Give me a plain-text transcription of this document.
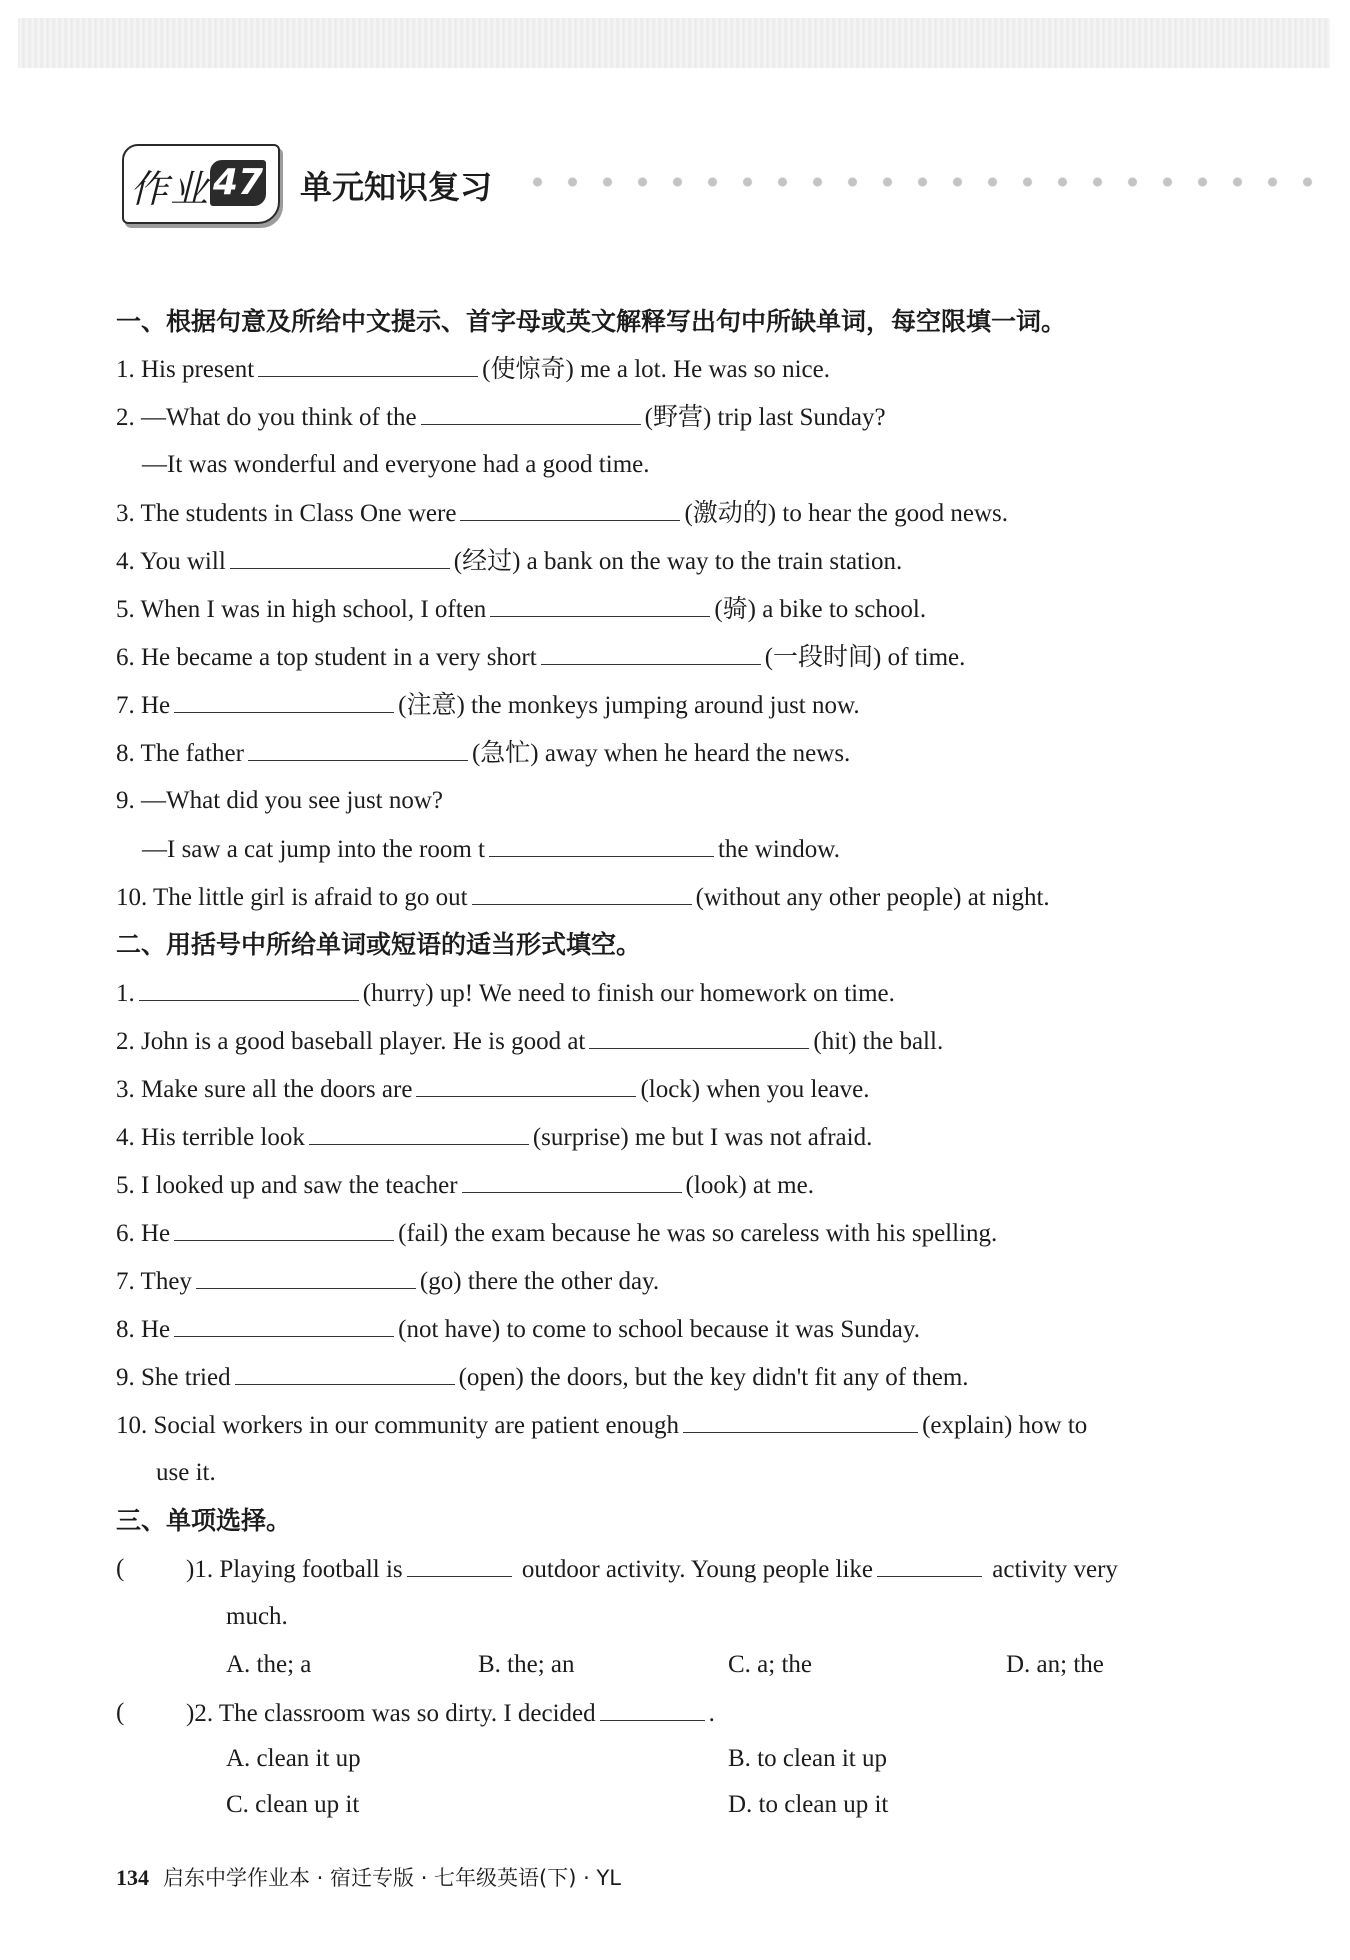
作业 47 单元知识复习
一、根据句意及所给中文提示、首字母或英文解释写出句中所缺单词，每空限填一词。
1. His present	(使惊奇) me a lot. He was so nice.
2. —What do you think of the	(野营) trip last Sunday?
—It was wonderful and everyone had a good time.
3. The students in Class One were	(激动的) to hear the good news.
4. You will	(经过) a bank on the way to the train station.
5. When I was in high school, I often	(骑) a bike to school.
6. He became a top student in a very short	(一段时间) of time.
7. He	(注意) the monkeys jumping around just now.
8. The father	(急忙) away when he heard the news.
9. —What did you see just now?
—I saw a cat jump into the room t	the window.
10. The little girl is afraid to go out	(without any other people) at night.
二、用括号中所给单词或短语的适当形式填空。
1.	(hurry) up! We need to finish our homework on time.
2. John is a good baseball player. He is good at	(hit) the ball.
3. Make sure all the doors are	(lock) when you leave.
4. His terrible look	(surprise) me but I was not afraid.
5. I looked up and saw the teacher	(look) at me.
6. He	(fail) the exam because he was so careless with his spelling.
7. They	(go) there the other day.
8. He	(not have) to come to school because it was Sunday.
9. She tried	(open) the doors, but the key didn't fit any of them.
10. Social workers in our community are patient enough	(explain) how to
use it.
三、单项选择。
( )1. Playing football is	outdoor activity. Young people like	activity very
much.
A. the; a	B. the; an	C. a; the	D. an; the
( )2. The classroom was so dirty. I decided	.
A. clean it up	B. to clean it up
C. clean up it	D. to clean up it
134 启东中学作业本 · 宿迁专版 · 七年级英语(下) · YL
